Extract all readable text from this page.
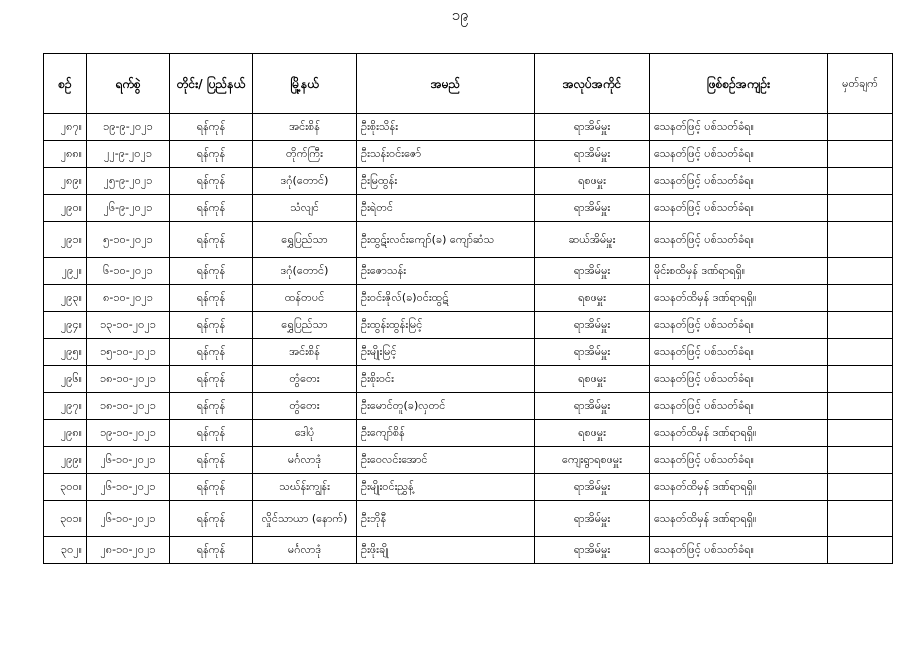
၁၉
စဉ်	ရက်စွဲ	တိုင်း/ ပြည်နယ်	မြို့နယ်	အမည်	အလုပ်အကိုင်	ဖြစ်စဉ်အကျဉ်း	မှတ်ချက်
၂၈၇။	၁၉-၉-၂၀၂၁	ရန်ကုန်	အင်းစိန်	ဦးစိုးသိန်း	ရာအိမ်မှူး	သေနတ်ဖြင့် ပစ်သတ်ခံရ။	
၂၈၈။	၂၂-၉-၂၀၂၁	ရန်ကုန်	တိုက်ကြီး	ဦးသန်းဝင်းဇော်	ရာအိမ်မှူး	သေနတ်ဖြင့် ပစ်သတ်ခံရ။	
၂၈၉။	၂၅-၉-၂၀၂၁	ရန်ကုန်	ဒဂုံ(တောင်)	ဦးမြထွန်း	ရစဖမှူး	သေနတ်ဖြင့် ပစ်သတ်ခံရ။	
၂၉၀။	၂၆-၉-၂၀၂၁	ရန်ကုန်	သံလျင်	ဦးရဲတင်	ရာအိမ်မှူး	သေနတ်ဖြင့် ပစ်သတ်ခံရ။	
၂၉၁။	၅-၁၀-၂၀၂၁	ရန်ကုန်	ရွှေပြည်သာ	ဦးထွဋ်းလင်းကျော်(ခ) ကျော်ဆံသ	ဆယ်အိမ်မှူး	သေနတ်ဖြင့် ပစ်သတ်ခံရ။	
၂၉၂။	၆-၁၀-၂၀၂၁	ရန်ကုန်	ဒဂုံ(တောင်)	ဦးဇောသန်း	ရာအိမ်မှူး	မိုင်းစထိမှန် ဒဏ်ရာရရှိ။	
၂၉၃။	၈-၁၀-၂၀၂၁	ရန်ကုန်	ထန်တပင်	ဦးဝင်းဇိုလ်(ခ)ဝင်းထွဋ်	ရစဖမှူး	သေနတ်ထိမှန် ဒဏ်ရာရရှိ။	
၂၉၄။	၁၃-၁၀-၂၀၂၁	ရန်ကုန်	ရွှေပြည်သာ	ဦးထွန်းထွန်းမြင့်	ရာအိမ်မှူး	သေနတ်ဖြင့် ပစ်သတ်ခံရ။	
၂၉၅။	၁၅-၁၀-၂၀၂၁	ရန်ကုန်	အင်းစိန်	ဦးမျိုးမြင့်	ရာအိမ်မှူး	သေနတ်ဖြင့် ပစ်သတ်ခံရ။	
၂၉၆။	၁၈-၁၀-၂၀၂၁	ရန်ကုန်	တွံတေး	ဦးစိုးဝင်း	ရစဖမှူး	သေနတ်ဖြင့် ပစ်သတ်ခံရ။	
၂၉၇။	၁၈-၁၀-၂၀၂၁	ရန်ကုန်	တွံတေး	ဦးမောင်တူ(ခ)လှတင်	ရာအိမ်မှူး	သေနတ်ဖြင့် ပစ်သတ်ခံရ။	
၂၉၈။	၁၉-၁၀-၂၀၂၁	ရန်ကုန်	ဒေါပုံ	ဦးကျော်စိန်	ရစဖမှူး	သေနတ်ထိမှန် ဒဏ်ရာရရှိ။	
၂၉၉။	၂၆-၁၀-၂၀၂၁	ရန်ကုန်	မင်္ဂလာဒုံ	ဦးဝေလင်းအောင်	ကျေးရွာရစဖမှူး	သေနတ်ဖြင့် ပစ်သတ်ခံရ။	
၃၀၀။	၂၆-၁၀-၂၀၂၁	ရန်ကုန်	သဃ်န်းကျွန်း	ဦးမျိုးဝင်းညွှန့်	ရာအိမ်မှူး	သေနတ်ထိမှန် ဒဏ်ရာရရှိ။	
၃၀၁။	၂၆-၁၀-၂၀၂၁	ရန်ကုန်	လှိုင်သာယာ (နောက်)	ဦးဘိုနီ	ရာအိမ်မှူး	သေနတ်ထိမှန် ဒဏ်ရာရရှိ။	
၃၀၂။	၂၈-၁၀-၂၀၂၁	ရန်ကုန်	မင်္ဂလာဒုံ	ဦးဖိုးချို	ရာအိမ်မှူး	သေနတ်ဖြင့် ပစ်သတ်ခံရ။	
